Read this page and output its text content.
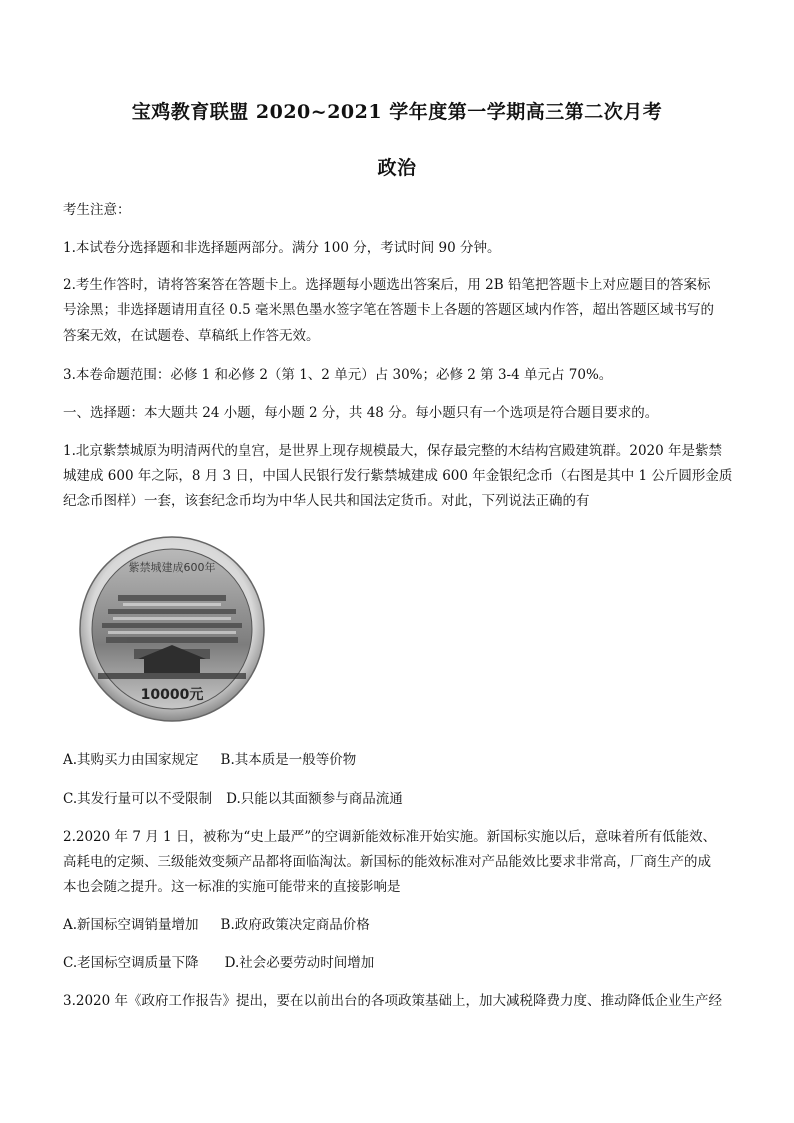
宝鸡教育联盟 2020~2021 学年度第一学期高三第二次月考
政治
考生注意：
1.本试卷分选择题和非选择题两部分。满分 100 分，考试时间 90 分钟。
2.考生作答时，请将答案答在答题卡上。选择题每小题选出答案后，用 2B 铅笔把答题卡上对应题目的答案标
号涂黑；非选择题请用直径 0.5 毫米黑色墨水签字笔在答题卡上各题的答题区域内作答，超出答题区域书写的
答案无效，在试题卷、草稿纸上作答无效。
3.本卷命题范围：必修 1 和必修 2（第 1、2 单元）占 30%；必修 2 第 3-4 单元占 70%。
一、选择题：本大题共 24 小题，每小题 2 分，共 48 分。每小题只有一个选项是符合题目要求的。
1.北京紫禁城原为明清两代的皇宫，是世界上现存规模最大，保存最完整的木结构宫殿建筑群。2020 年是紫禁
城建成 600 年之际，8 月 3 日，中国人民银行发行紫禁城建成 600 年金银纪念币（右图是其中 1 公斤圆形金质
纪念币图样）一套，该套纪念币均为中华人民共和国法定货币。对此，下列说法正确的有
紫禁城建成600年
10000元
A.其购买力由国家规定 B.其本质是一般等价物
C.其发行量可以不受限制 D.只能以其面额参与商品流通
2.2020 年 7 月 1 日，被称为“史上最严”的空调新能效标准开始实施。新国标实施以后，意味着所有低能效、
高耗电的定频、三级能效变频产品都将面临淘汰。新国标的能效标准对产品能效比要求非常高，厂商生产的成
本也会随之提升。这一标准的实施可能带来的直接影响是
A.新国标空调销量增加 B.政府政策决定商品价格
C.老国标空调质量下降 D.社会必要劳动时间增加
3.2020 年《政府工作报告》提出，要在以前出台的各项政策基础上，加大减税降费力度、推动降低企业生产经
